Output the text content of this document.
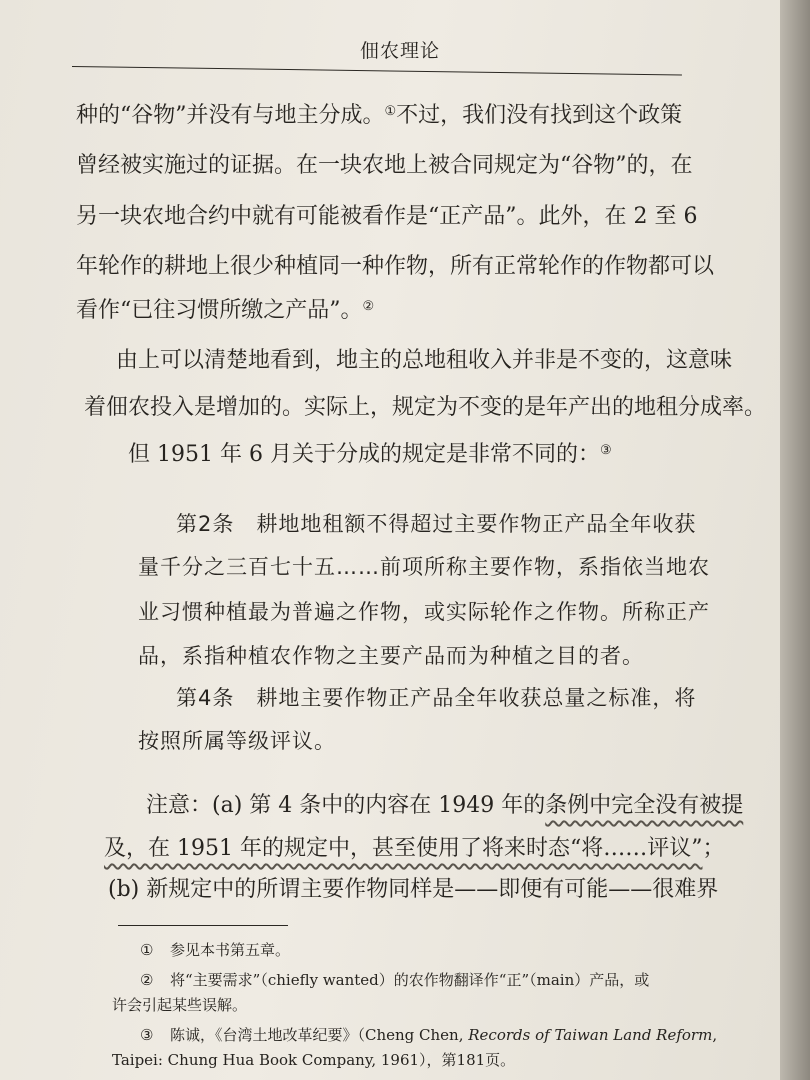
佃农理论
种的“谷物”并没有与地主分成。①不过，我们没有找到这个政策
曾经被实施过的证据。在一块农地上被合同规定为“谷物”的，在
另一块农地合约中就有可能被看作是“正产品”。此外，在 2 至 6
年轮作的耕地上很少种植同一种作物，所有正常轮作的作物都可以
看作“已往习惯所缴之产品”。②
由上可以清楚地看到，地主的总地租收入并非是不变的，这意味
着佃农投入是增加的。实际上，规定为不变的是年产出的地租分成率。
但 1951 年 6 月关于分成的规定是非常不同的：③
第2条　耕地地租额不得超过主要作物正产品全年收获
量千分之三百七十五……前项所称主要作物，系指依当地农
业习惯种植最为普遍之作物，或实际轮作之作物。所称正产
品，系指种植农作物之主要产品而为种植之目的者。
第4条　耕地主要作物正产品全年收获总量之标准，将
按照所属等级评议。
注意：(a) 第 4 条中的内容在 1949 年的条例中完全没有被提
及，在 1951 年的规定中，甚至使用了将来时态“将……评议”；
(b) 新规定中的所谓主要作物同样是——即便有可能——很难界
① 参见本书第五章。
② 将“主要需求”（chiefly wanted）的农作物翻译作“正”（main）产品，或
许会引起某些误解。
③ 陈诚，《台湾土地改革纪要》（Cheng Chen, Records of Taiwan Land Reform,
Taipei: Chung Hua Book Company, 1961），第181页。
